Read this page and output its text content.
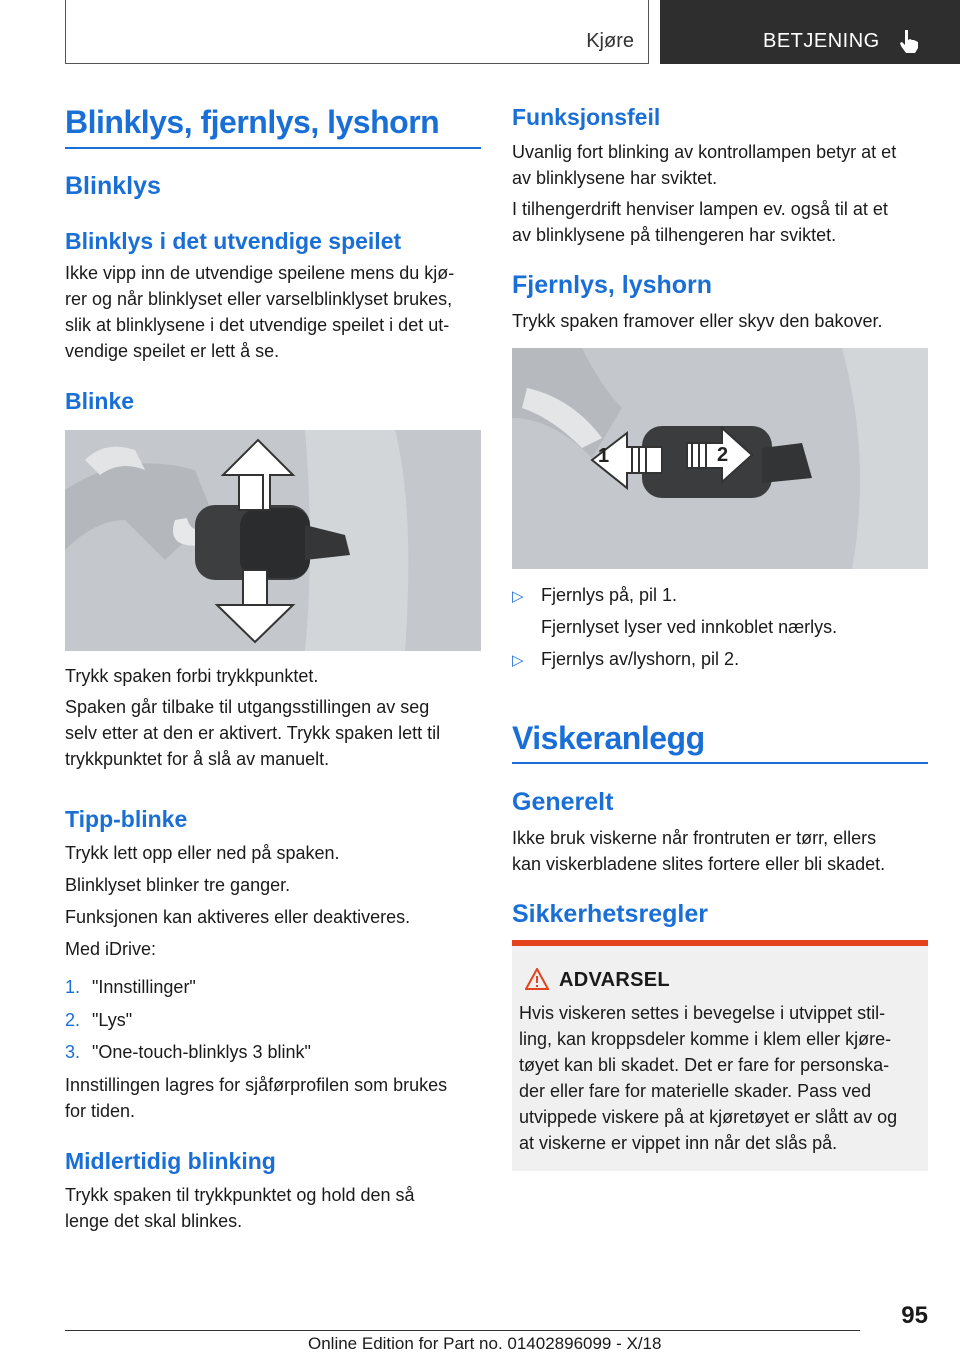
Kjøre	BETJENING
Blinklys, fjernlys, lyshorn
Blinklys
Blinklys i det utvendige speilet

Ikke vipp inn de utvendige speilene mens du kjø-

rer og når blinklyset eller varselblinklyset brukes,

slik at blinklysene i det utvendige speilet i det ut-

vendige speilet er lett å se.

Blinke

Trykk spaken forbi trykkpunktet.

Spaken går tilbake til utgangsstillingen av seg

selv etter at den er aktivert. Trykk spaken lett til

trykkpunktet for å slå av manuelt.

Tipp-blinke

Trykk lett opp eller ned på spaken.

Blinklyset blinker tre ganger.

Funksjonen kan aktiveres eller deaktiveres.

Med iDrive:

1. "Innstillinger"
2. "Lys"
3. "One-touch-blinklys 3 blink"

Innstillingen lagres for sjåførprofilen som brukes

for tiden.

Midlertidig blinking

Trykk spaken til trykkpunktet og hold den så

lenge det skal blinkes.

Funksjonsfeil

Uvanlig fort blinking av kontrollampen betyr at et

av blinklysene har sviktet.

I tilhengerdrift henviser lampen ev. også til at et

av blinklysene på tilhengeren har sviktet.

Fjernlys, lyshorn

Trykk spaken framover eller skyv den bakover.

1	2
▷ Fjernlys på, pil 1.

Fjernlyset lyser ved innkoblet nærlys.

▷ Fjernlys av/lyshorn, pil 2.
Viskeranlegg
Generelt

Ikke bruk viskerne når frontruten er tørr, ellers

kan viskerbladene slites fortere eller bli skadet.

Sikkerhetsregler
ADVARSEL

Hvis viskeren settes i bevegelse i utvippet stil-

ling, kan kroppsdeler komme i klem eller kjøre-

tøyet kan bli skadet. Det er fare for personska-

der eller fare for materielle skader. Pass ved

utvippede viskere på at kjøretøyet er slått av og

at viskerne er vippet inn når det slås på.

95
Online Edition for Part no. 01402896099 - X/18
Seite 95 | Online Edition for Part no. 01402896099 - X/18 | carmanualsonline.info
